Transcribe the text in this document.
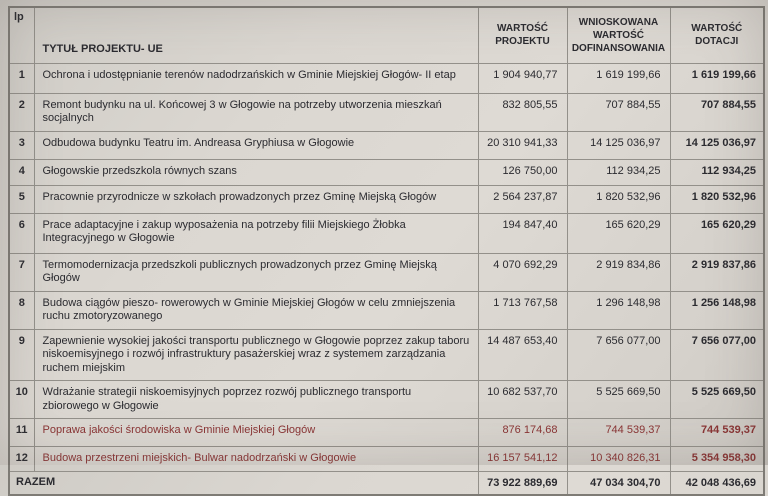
lp	TYTUŁ PROJEKTU- UE	WARTOŚĆ PROJEKTU	WNIOSKOWANA WARTOŚĆ DOFINANSOWANIA	WARTOŚĆ DOTACJI
1	Ochrona i udostępnianie terenów nadodrzańskich w Gminie Miejskiej Głogów- II etap	1 904 940,77	1 619 199,66	1 619 199,66
2	Remont budynku na ul. Końcowej 3 w Głogowie na potrzeby utworzenia mieszkań socjalnych	832 805,55	707 884,55	707 884,55
3	Odbudowa budynku Teatru im. Andreasa Gryphiusa w Głogowie	20 310 941,33	14 125 036,97	14 125 036,97
4	Głogowskie przedszkola równych szans	126 750,00	112 934,25	112 934,25
5	Pracownie przyrodnicze w szkołach prowadzonych przez Gminę Miejską Głogów	2 564 237,87	1 820 532,96	1 820 532,96
6	Prace adaptacyjne i zakup wyposażenia na potrzeby filii Miejskiego Żłobka Integracyjnego w Głogowie	194 847,40	165 620,29	165 620,29
7	Termomodernizacja przedszkoli publicznych prowadzonych przez Gminę Miejską Głogów	4 070 692,29	2 919 834,86	2 919 837,86
8	Budowa ciągów pieszo- rowerowych w Gminie Miejskiej Głogów w celu zmniejszenia ruchu zmotoryzowanego	1 713 767,58	1 296 148,98	1 256 148,98
9	Zapewnienie wysokiej jakości transportu publicznego w Głogowie poprzez zakup taboru niskoemisyjnego i rozwój infrastruktury pasażerskiej wraz z systemem zarządzania ruchem miejskim	14 487 653,40	7 656 077,00	7 656 077,00
10	Wdrażanie strategii niskoemisyjnych poprzez rozwój publicznego transportu zbiorowego w Głogowie	10 682 537,70	5 525 669,50	5 525 669,50
11	Poprawa jakości środowiska w Gminie Miejskiej Głogów	876 174,68	744 539,37	744 539,37
12	Budowa przestrzeni miejskich- Bulwar nadodrzański w Głogowie	16 157 541,12	10 340 826,31	5 354 958,30
RAZEM		73 922 889,69	47 034 304,70	42 048 436,69
